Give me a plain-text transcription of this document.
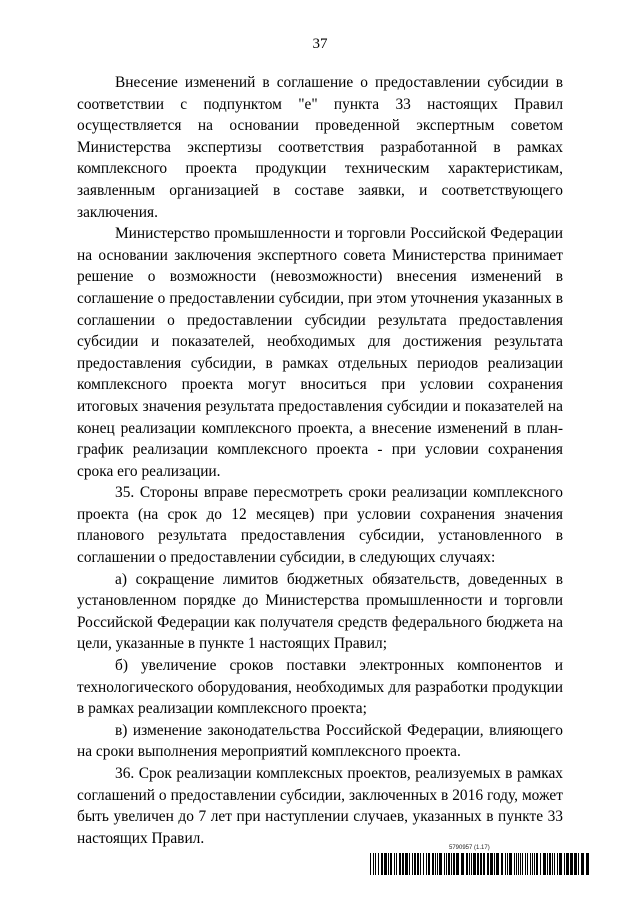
37

Внесение изменений в соглашение о предоставлении субсидии в соответствии с подпунктом "е" пункта 33 настоящих Правил осуществляется на основании проведенной экспертным советом Министерства экспертизы соответствия разработанной в рамках комплексного проекта продукции техническим характеристикам, заявленным организацией в составе заявки, и соответствующего заключения.

Министерство промышленности и торговли Российской Федерации на основании заключения экспертного совета Министерства принимает решение о возможности (невозможности) внесения изменений в соглашение о предоставлении субсидии, при этом уточнения указанных в соглашении о предоставлении субсидии результата предоставления субсидии и показателей, необходимых для достижения результата предоставления субсидии, в рамках отдельных периодов реализации комплексного проекта могут вноситься при условии сохранения итоговых значения результата предоставления субсидии и показателей на конец реализации комплексного проекта, а внесение изменений в план-график реализации комплексного проекта - при условии сохранения срока его реализации.

35. Стороны вправе пересмотреть сроки реализации комплексного проекта (на срок до 12 месяцев) при условии сохранения значения планового результата предоставления субсидии, установленного в соглашении о предоставлении субсидии, в следующих случаях:

а) сокращение лимитов бюджетных обязательств, доведенных в установленном порядке до Министерства промышленности и торговли Российской Федерации как получателя средств федерального бюджета на цели, указанные в пункте 1 настоящих Правил;

б) увеличение сроков поставки электронных компонентов и технологического оборудования, необходимых для разработки продукции в рамках реализации комплексного проекта;

в) изменение законодательства Российской Федерации, влияющего на сроки выполнения мероприятий комплексного проекта.

36. Срок реализации комплексных проектов, реализуемых в рамках соглашений о предоставлении субсидии, заключенных в 2016 году, может быть увеличен до 7 лет при наступлении случаев, указанных в пункте 33 настоящих Правил.

5790957 (1.17)
